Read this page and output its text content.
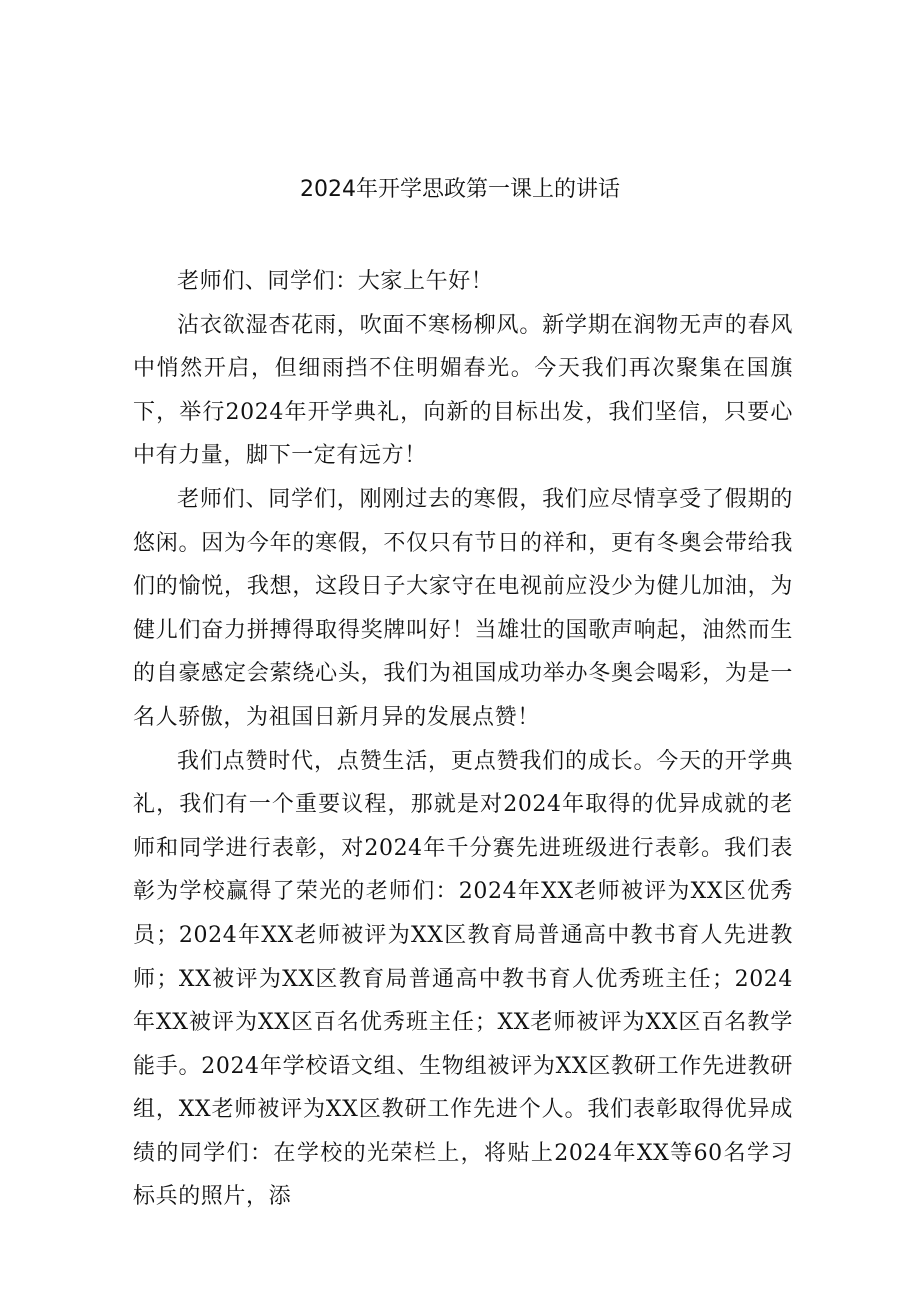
2024年开学思政第一课上的讲话

老师们、同学们：大家上午好！

沾衣欲湿杏花雨，吹面不寒杨柳风。新学期在润物无声的春风中悄然开启，但细雨挡不住明媚春光。今天我们再次聚集在国旗下，举行2024年开学典礼，向新的目标出发，我们坚信，只要心中有力量，脚下一定有远方！

老师们、同学们，刚刚过去的寒假，我们应尽情享受了假期的悠闲。因为今年的寒假，不仅只有节日的祥和，更有冬奥会带给我们的愉悦，我想，这段日子大家守在电视前应没少为健儿加油，为健儿们奋力拼搏得取得奖牌叫好！当雄壮的国歌声响起，油然而生的自豪感定会萦绕心头，我们为祖国成功举办冬奥会喝彩，为是一名人骄傲，为祖国日新月异的发展点赞！

我们点赞时代，点赞生活，更点赞我们的成长。今天的开学典礼，我们有一个重要议程，那就是对2024年取得的优异成就的老师和同学进行表彰，对2024年千分赛先进班级进行表彰。我们表彰为学校赢得了荣光的老师们：2024年XX老师被评为XX区优秀员；2024年XX老师被评为XX区教育局普通高中教书育人先进教师；XX被评为XX区教育局普通高中教书育人优秀班主任；2024年XX被评为XX区百名优秀班主任；XX老师被评为XX区百名教学能手。2024年学校语文组、生物组被评为XX区教研工作先进教研组，XX老师被评为XX区教研工作先进个人。我们表彰取得优异成绩的同学们：在学校的光荣栏上，将贴上2024年XX等60名学习标兵的照片，添
